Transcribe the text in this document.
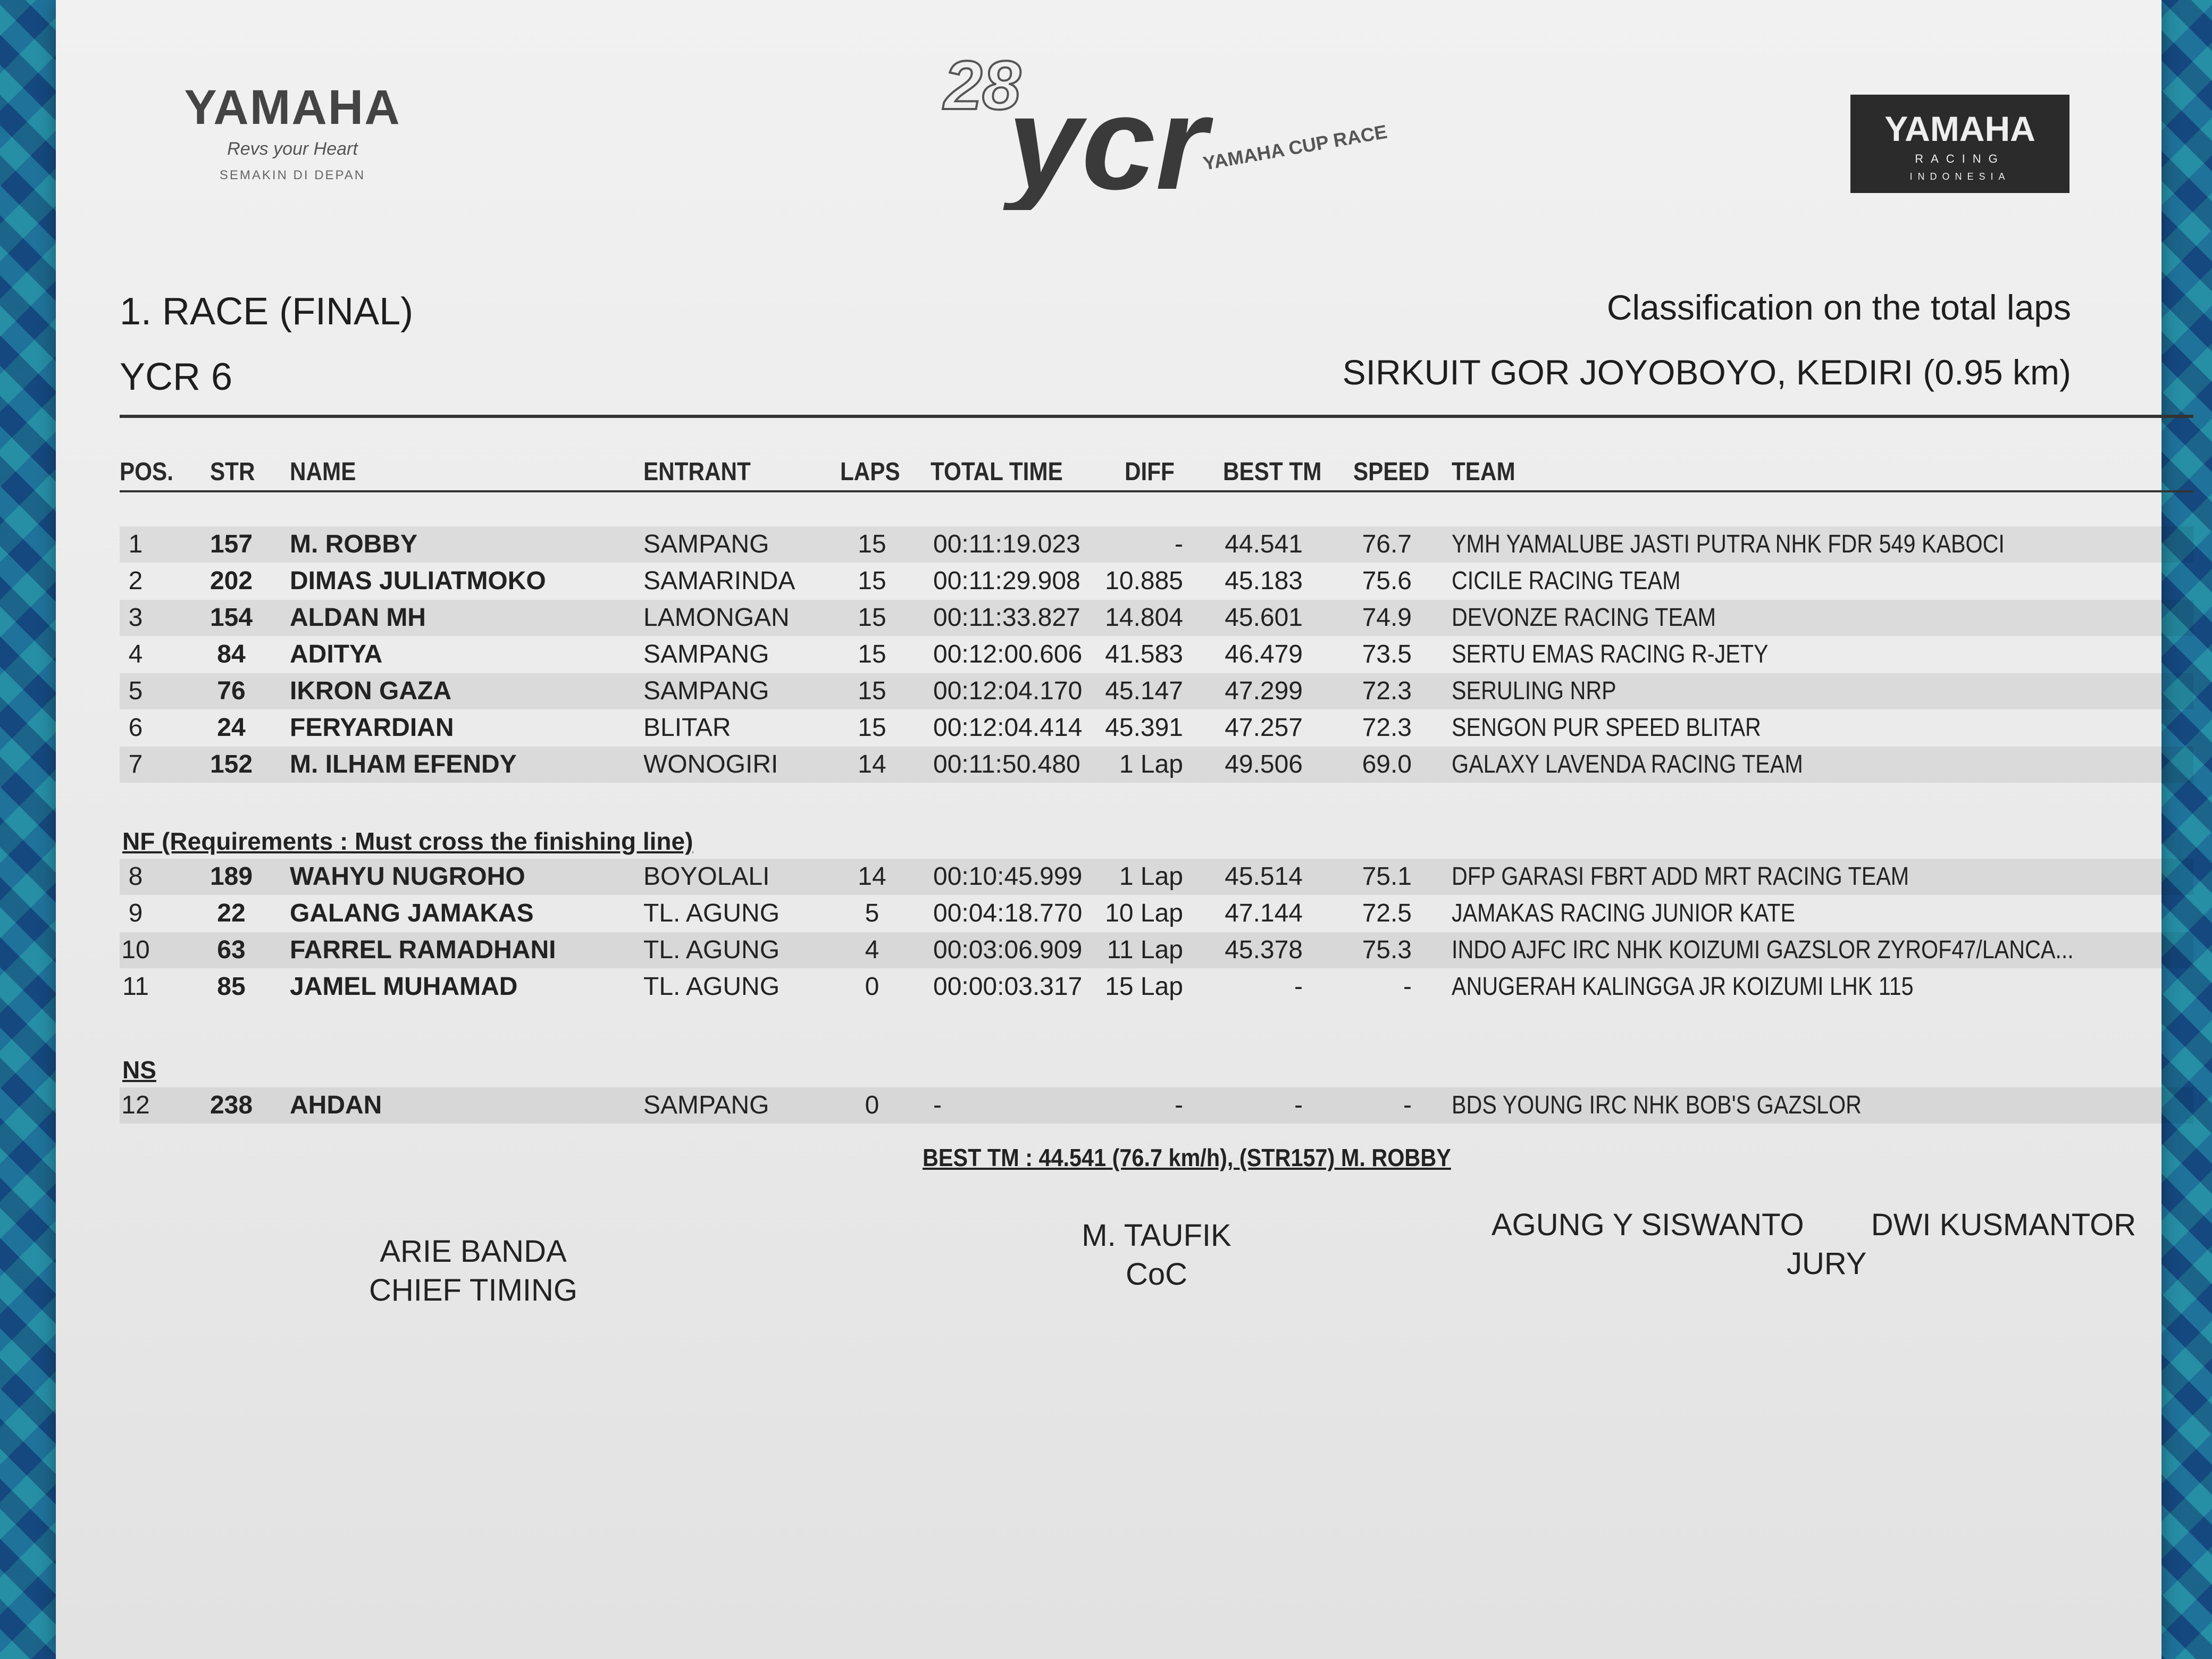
YAMAHA
Revs your Heart
SEMAKIN DI DEPAN
28
ycr
YAMAHA CUP RACE	YAMAHA
RACING
INDONESIA
1. RACE (FINAL)
YCR 6
Classification on the total laps
SIRKUIT GOR JOYOBOYO, KEDIRI (0.95 km)
POS. STR NAME	ENTRANT	LAPS TOTAL TIME DIFF BEST TM SPEED TEAM
1	157 M. ROBBY	SAMPANG	15 00:11:19.023	- 44.541 76.7 YMH YAMALUBE JASTI PUTRA NHK FDR 549 KABOCI
2	202 DIMAS JULIATMOKO	SAMARINDA 15 00:11:29.908 10.885 45.183 75.6 CICILE RACING TEAM
3	154 ALDAN MH	LAMONGAN	15 00:11:33.827 14.804 45.601 74.9 DEVONZE RACING TEAM
4	84 ADITYA	SAMPANG	15 00:12:00.606 41.583 46.479 73.5 SERTU EMAS RACING R-JETY
5	76 IKRON GAZA	SAMPANG	15 00:12:04.170 45.147 47.299 72.3 SERULING NRP
6	24 FERYARDIAN	BLITAR	15 00:12:04.414 45.391 47.257 72.3 SENGON PUR SPEED BLITAR
7	152 M. ILHAM EFENDY	WONOGIRI	14 00:11:50.480 1 Lap 49.506 69.0 GALAXY LAVENDA RACING TEAM
8	189 WAHYU NUGROHO	BOYOLALI	14 00:10:45.999 1 Lap 45.514 75.1 DFP GARASI FBRT ADD MRT RACING TEAM
9	22 GALANG JAMAKAS	TL. AGUNG	5 00:04:18.770 10 Lap 47.144 72.5 JAMAKAS RACING JUNIOR KATE
10	63 FARREL RAMADHANI	TL. AGUNG	4 00:03:06.909 11 Lap 45.378 75.3 INDO AJFC IRC NHK KOIZUMI GAZSLOR ZYROF47/LANCA...
11	85 JAMEL MUHAMAD	TL. AGUNG	0 00:00:03.317 15 Lap	-	- ANUGERAH KALINGGA JR KOIZUMI LHK 115
12 238 AHDAN	SAMPANG	0 -	-	-	- BDS YOUNG IRC NHK BOB'S GAZSLOR
NF (Requirements : Must cross the finishing line)
NS
BEST TM : 44.541 (76.7 km/h), (STR157) M. ROBBY
ARIE BANDA
CHIEF TIMING
M. TAUFIK
CoC
AGUNG Y SISWANTO DWI KUSMANTOR
JURY
